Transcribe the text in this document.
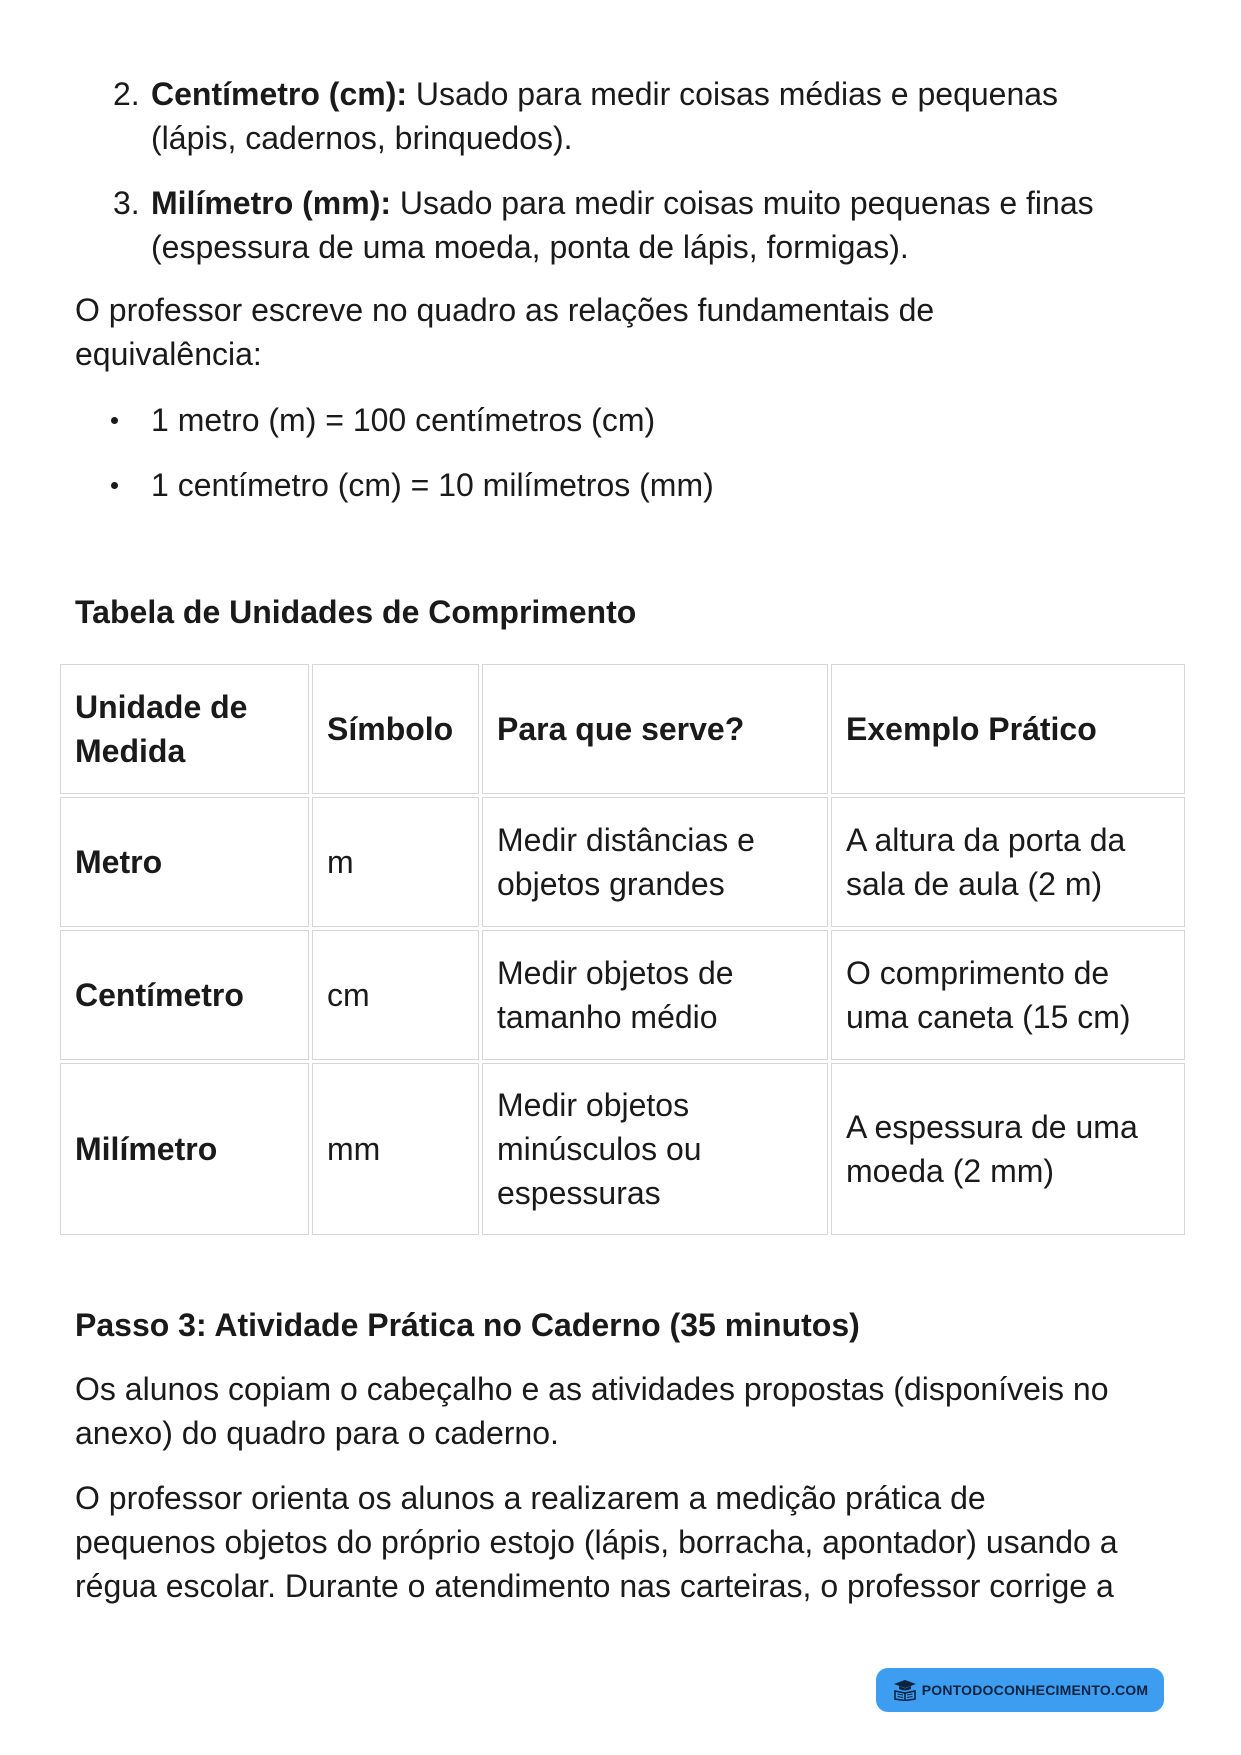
2. Centímetro (cm): Usado para medir coisas médias e pequenas
(lápis, cadernos, brinquedos).
3. Milímetro (mm): Usado para medir coisas muito pequenas e finas
(espessura de uma moeda, ponta de lápis, formigas).
O professor escreve no quadro as relações fundamentais de
equivalência:
1 metro (m) = 100 centímetros (cm)
1 centímetro (cm) = 10 milímetros (mm)
Tabela de Unidades de Comprimento
Unidade de Medida	Símbolo	Para que serve?	Exemplo Prático
Metro	m	Medir distâncias e objetos grandes	A altura da porta da sala de aula (2 m)
Centímetro	cm	Medir objetos de tamanho médio	O comprimento de uma caneta (15 cm)
Milímetro	mm	Medir objetos minúsculos ou espessuras	A espessura de uma moeda (2 mm)
Passo 3: Atividade Prática no Caderno (35 minutos)
Os alunos copiam o cabeçalho e as atividades propostas (disponíveis no
anexo) do quadro para o caderno.
O professor orienta os alunos a realizarem a medição prática de
pequenos objetos do próprio estojo (lápis, borracha, apontador) usando a
régua escolar. Durante o atendimento nas carteiras, o professor corrige a
PONTODOCONHECIMENTO.COM
